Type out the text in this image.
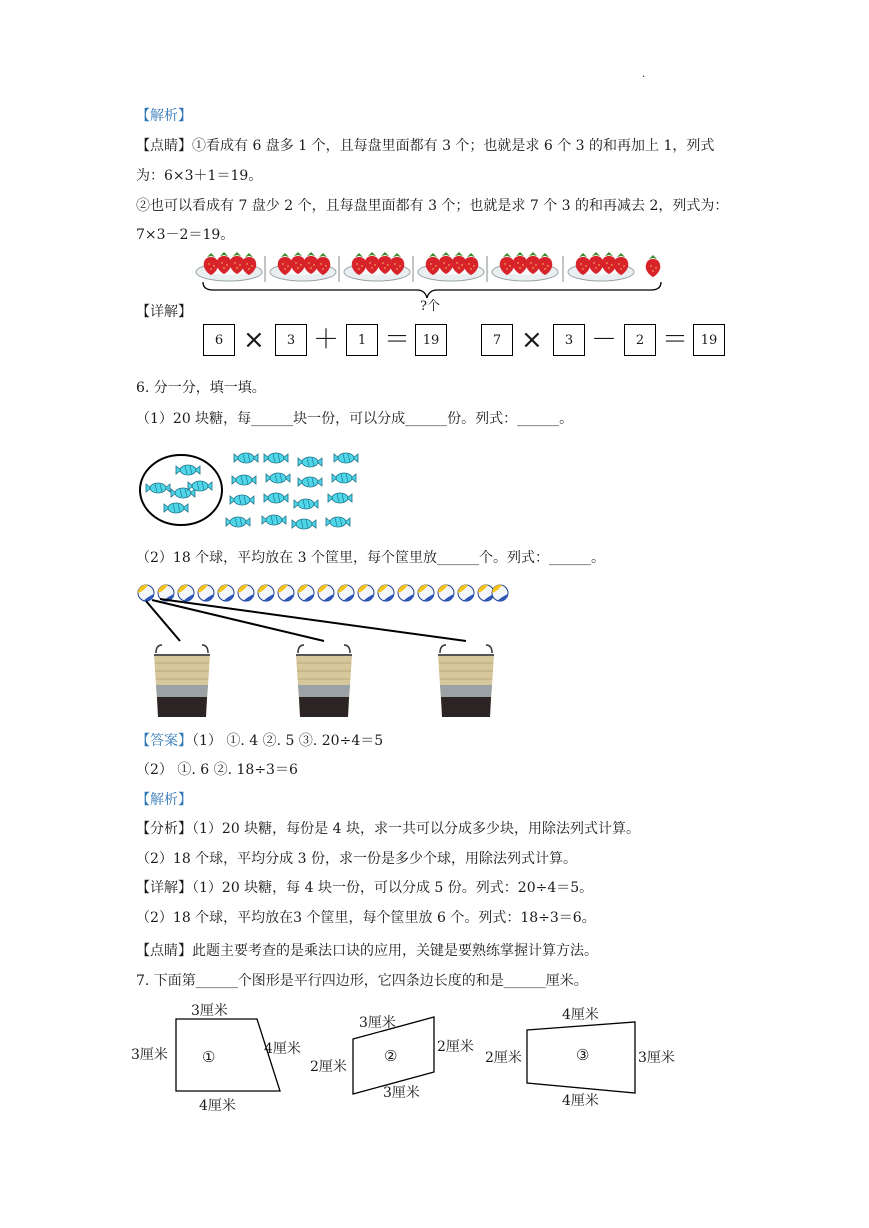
·
【解析】
【点睛】①看成有 6 盘多 1 个，且每盘里面都有 3 个；也就是求 6 个 3 的和再加上 1，列式
为：6×3＋1＝19。
②也可以看成有 7 盘少 2 个，且每盘里面都有 3 个；也就是求 7 个 3 的和再减去 2，列式为：
7×3－2＝19。
?个
【详解】
6 ×	3 ＋	1 ＝ 19	7 ×	3 －	2 ＝ 19
6. 分一分，填一填。
（1）20 块糖，每______块一份，可以分成______份。列式：______。
（2）18 个球，平均放在 3 个筐里，每个筐里放______个。列式：______。
【答案】（1） ①. 4 ②. 5 ③. 20÷4＝5
（2） ①. 6 ②. 18÷3＝6
【解析】
【分析】（1）20 块糖，每份是 4 块，求一共可以分成多少块，用除法列式计算。
（2）18 个球，平均分成 3 份，求一份是多少个球，用除法列式计算。
【详解】（1）20 块糖，每 4 块一份，可以分成 5 份。列式：20÷4＝5。
（2）18 个球，平均放在3 个筐里，每个筐里放 6 个。列式：18÷3＝6。
【点睛】此题主要考查的是乘法口诀的应用，关键是要熟练掌握计算方法。
7. 下面第______个图形是平行四边形，它四条边长度的和是______厘米。
3厘米
3厘米 ①	4厘米
4厘米
3厘米
2厘米
②	2厘米
3厘米
4厘米
2厘米	③	3厘米
4厘米
